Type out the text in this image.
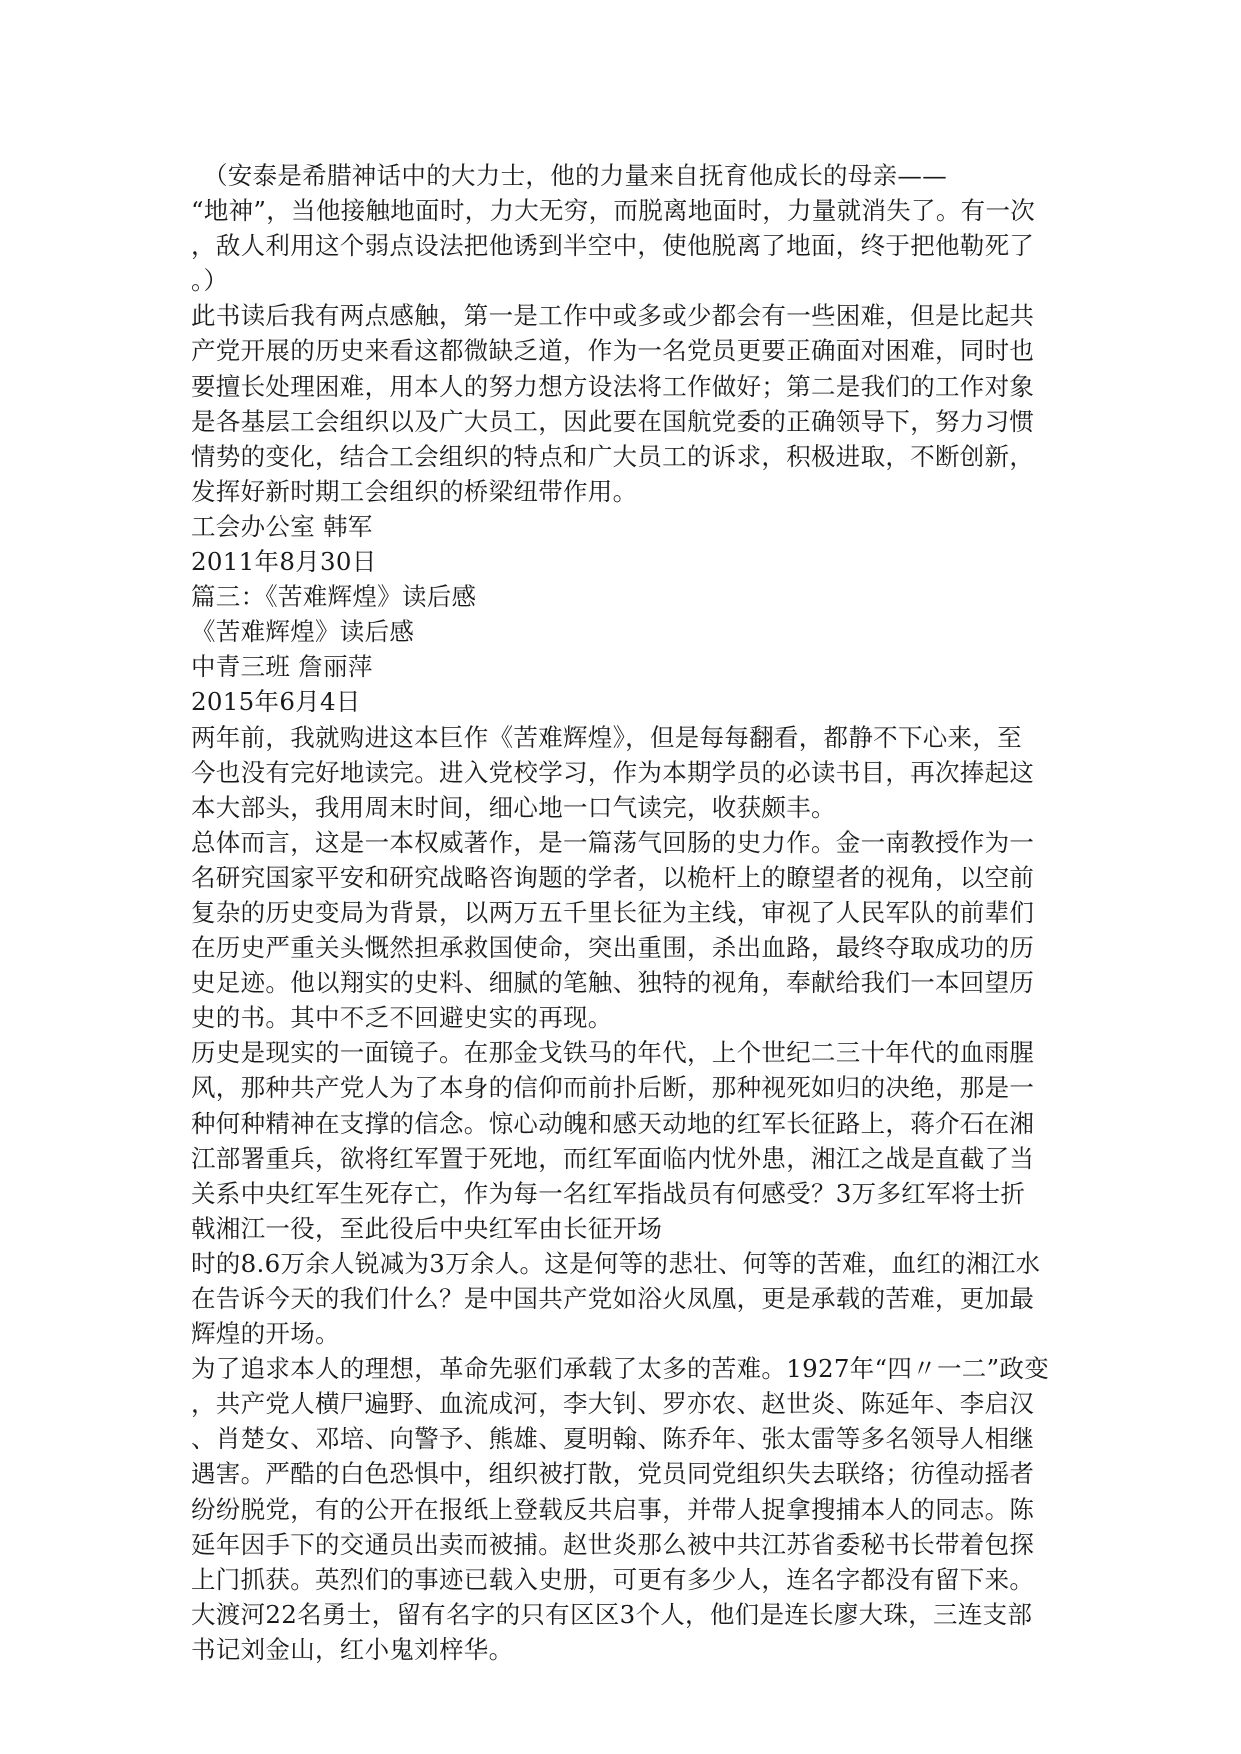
（安泰是希腊神话中的大力士，他的力量来自抚育他成长的母亲——
“地神”，当他接触地面时，力大无穷，而脱离地面时，力量就消失了。有一次
，敌人利用这个弱点设法把他诱到半空中，使他脱离了地面，终于把他勒死了
。）
此书读后我有两点感触，第一是工作中或多或少都会有一些困难，但是比起共
产党开展的历史来看这都微缺乏道，作为一名党员更要正确面对困难，同时也
要擅长处理困难，用本人的努力想方设法将工作做好；第二是我们的工作对象
是各基层工会组织以及广大员工，因此要在国航党委的正确领导下，努力习惯
情势的变化，结合工会组织的特点和广大员工的诉求，积极进取，不断创新，
发挥好新时期工会组织的桥梁纽带作用。
工会办公室 韩军
2011年8月30日
篇三：《苦难辉煌》读后感
《苦难辉煌》读后感
中青三班 詹丽萍
2015年6月4日
两年前，我就购进这本巨作《苦难辉煌》，但是每每翻看，都静不下心来，至
今也没有完好地读完。进入党校学习，作为本期学员的必读书目，再次捧起这
本大部头，我用周末时间，细心地一口气读完，收获颇丰。
总体而言，这是一本权威著作，是一篇荡气回肠的史力作。金一南教授作为一
名研究国家平安和研究战略咨询题的学者，以桅杆上的瞭望者的视角，以空前
复杂的历史变局为背景，以两万五千里长征为主线，审视了人民军队的前辈们
在历史严重关头慨然担承救国使命，突出重围，杀出血路，最终夺取成功的历
史足迹。他以翔实的史料、细腻的笔触、独特的视角，奉献给我们一本回望历
史的书。其中不乏不回避史实的再现。
历史是现实的一面镜子。在那金戈铁马的年代，上个世纪二三十年代的血雨腥
风，那种共产党人为了本身的信仰而前扑后断，那种视死如归的决绝，那是一
种何种精神在支撑的信念。惊心动魄和感天动地的红军长征路上，蒋介石在湘
江部署重兵，欲将红军置于死地，而红军面临内忧外患，湘江之战是直截了当
关系中央红军生死存亡，作为每一名红军指战员有何感受？3万多红军将士折
戟湘江一役，至此役后中央红军由长征开场
时的8.6万余人锐减为3万余人。这是何等的悲壮、何等的苦难，血红的湘江水
在告诉今天的我们什么？是中国共产党如浴火凤凰，更是承载的苦难，更加最
辉煌的开场。
为了追求本人的理想，革命先驱们承载了太多的苦难。1927年“四〃一二”政变
，共产党人横尸遍野、血流成河，李大钊、罗亦农、赵世炎、陈延年、李启汉
、肖楚女、邓培、向警予、熊雄、夏明翰、陈乔年、张太雷等多名领导人相继
遇害。严酷的白色恐惧中，组织被打散，党员同党组织失去联络；彷徨动摇者
纷纷脱党，有的公开在报纸上登载反共启事，并带人捉拿搜捕本人的同志。陈
延年因手下的交通员出卖而被捕。赵世炎那么被中共江苏省委秘书长带着包探
上门抓获。英烈们的事迹已载入史册，可更有多少人，连名字都没有留下来。
大渡河22名勇士，留有名字的只有区区3个人，他们是连长廖大珠，三连支部
书记刘金山，红小鬼刘梓华。
